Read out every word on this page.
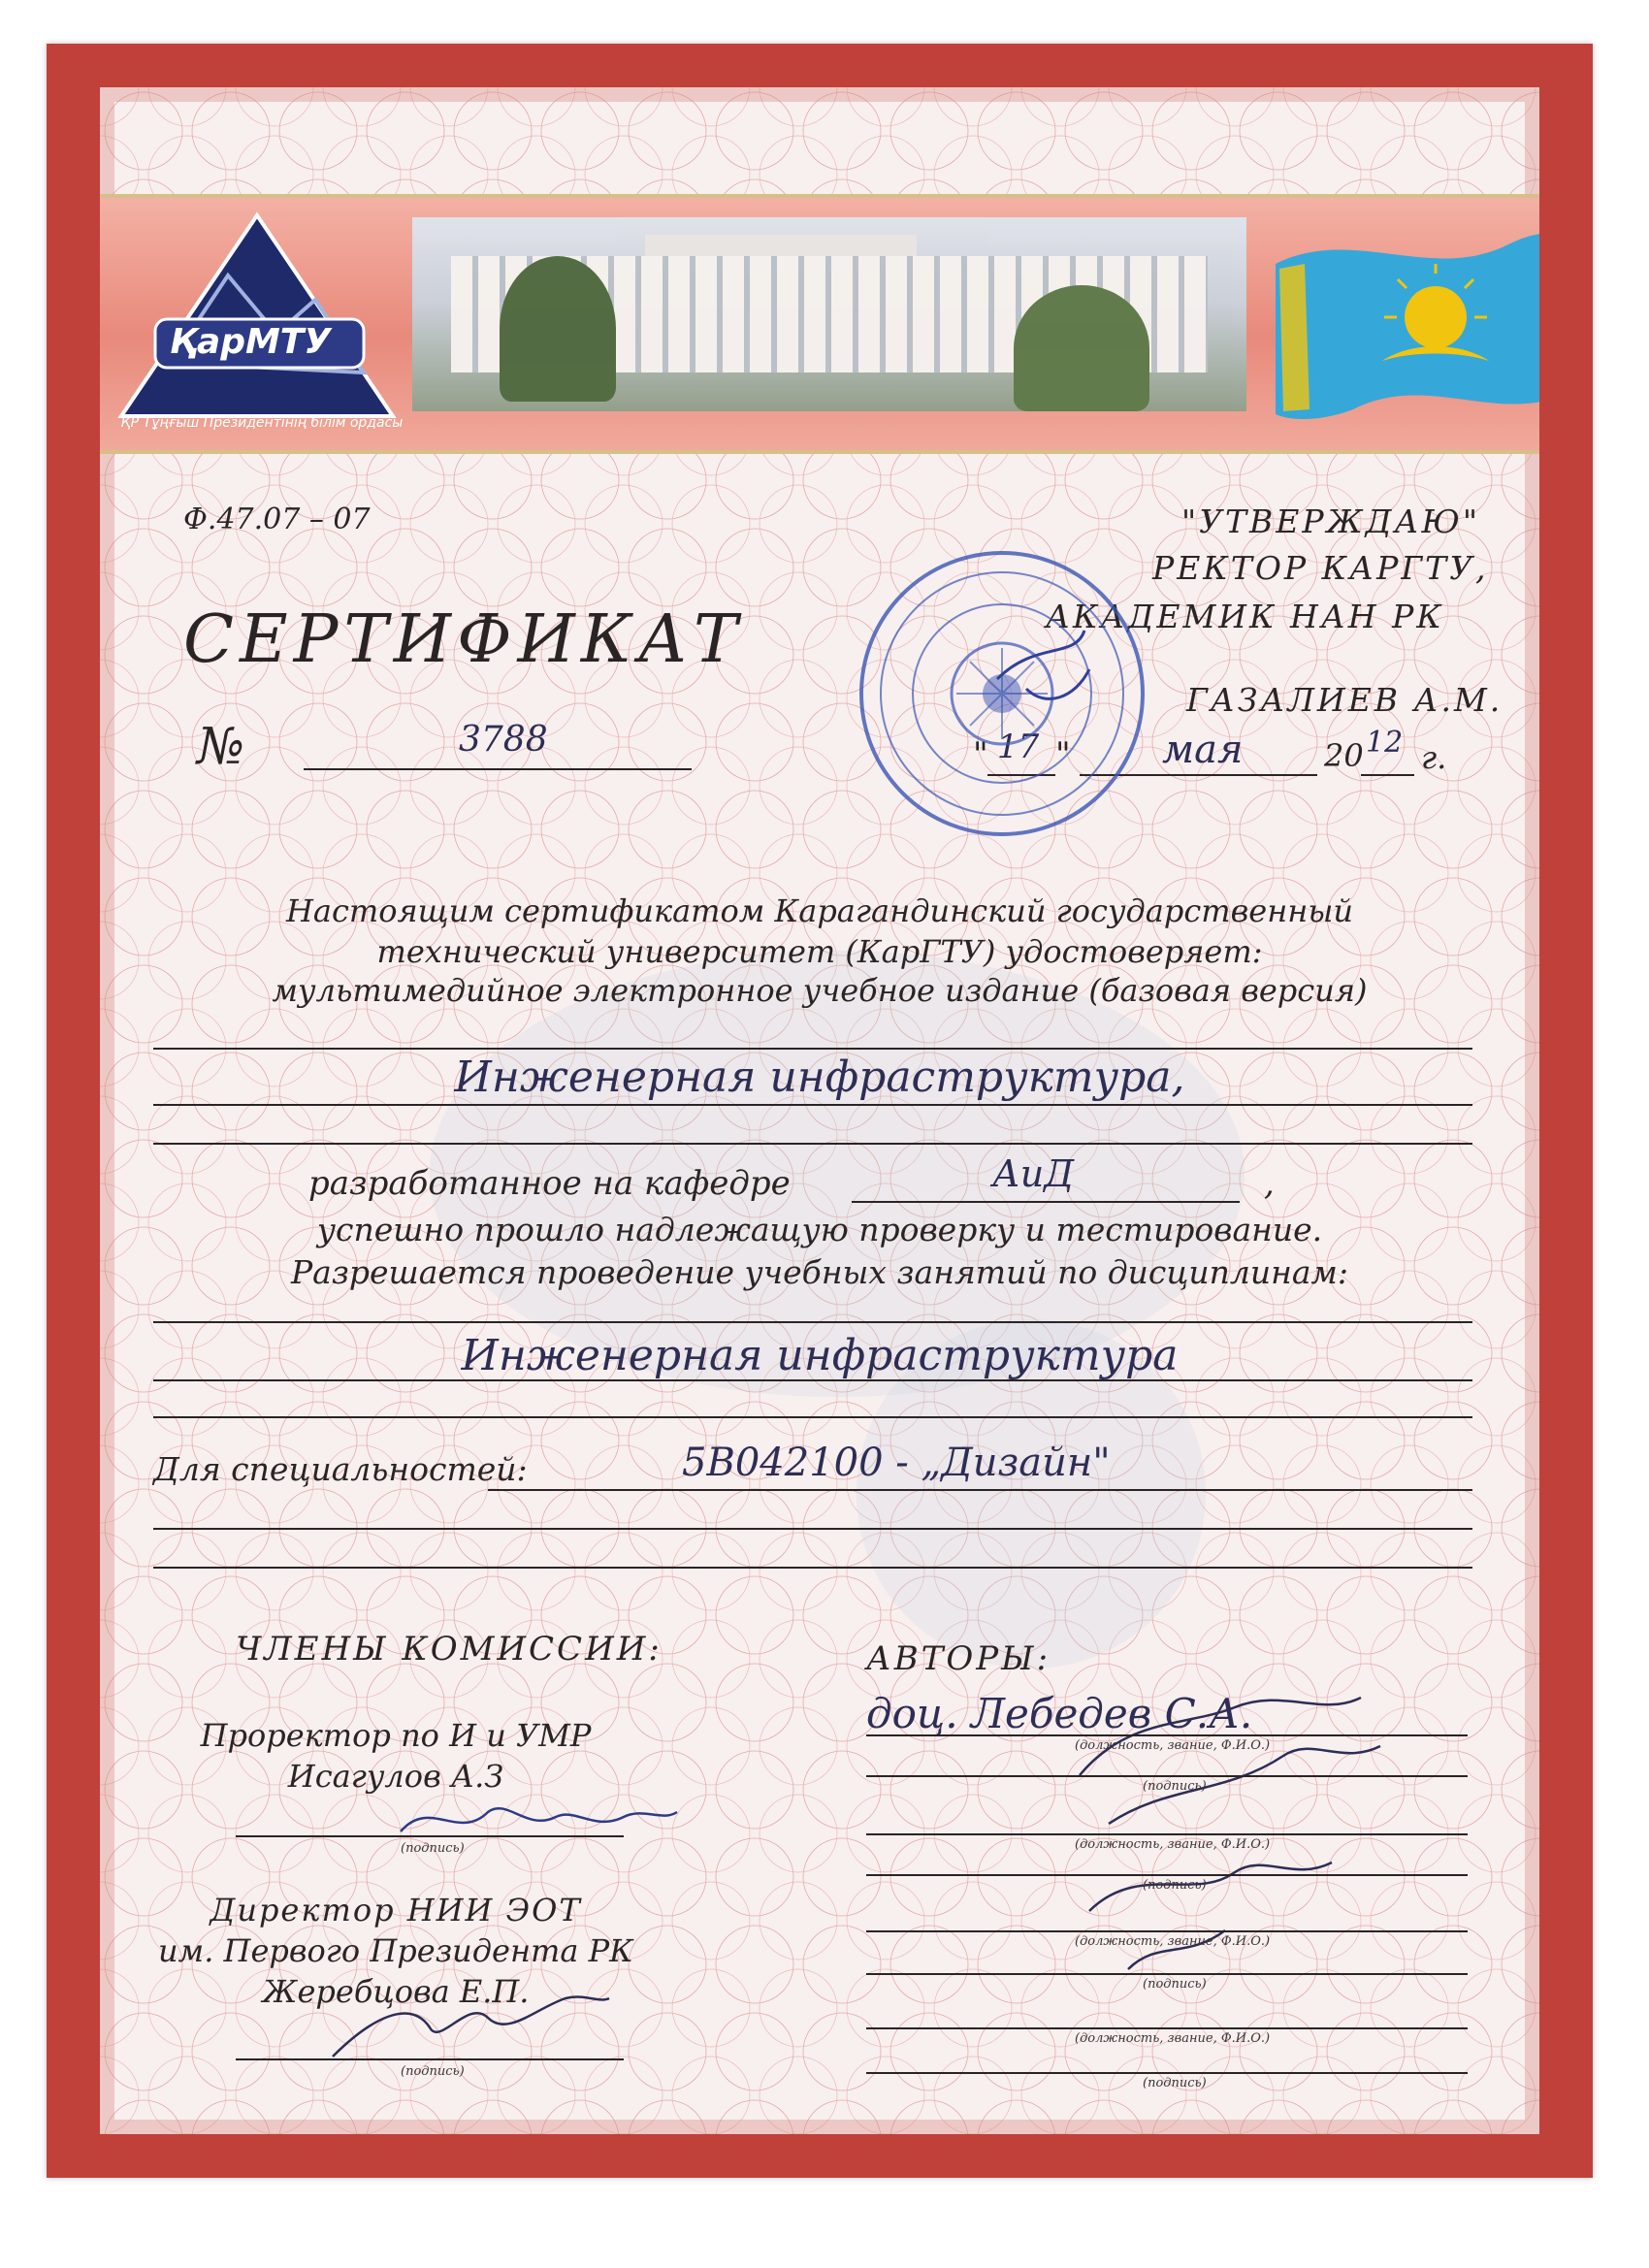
ҚарМТУ
ҚР Тұңғыш Президентінің білім ордасы
Ф.47.07 – 07	"УТВЕРЖДАЮ"
РЕКТОР КАРГТУ,
АКАДЕМИК НАН РК
ГАЗАЛИЕВ А.М.
" 17 " мая	20 12 г.
СЕРТИФИКАТ
№	3788
Настоящим сертификатом Карагандинский государственный
технический университет (КарГТУ) удостоверяет:
мультимедийное электронное учебное издание (базовая версия)
Инженерная инфраструктура,
разработанное на кафедре	АиД	,
успешно прошло надлежащую проверку и тестирование.
Разрешается проведение учебных занятий по дисциплинам:
Инженерная инфраструктура
Для специальностей:	5В042100 - „Дизайн"
ЧЛЕНЫ КОМИССИИ:
Проректор по И и УМР
Исагулов А.З
(подпись)
Директор НИИ ЭОТ
им. Первого Президента РК
Жеребцова Е.П.
(подпись)
АВТОРЫ:
доц. Лебедев С.А.
(должность, звание, Ф.И.О.)
(подпись)
(должность, звание, Ф.И.О.)
(подпись)
(должность, звание, Ф.И.О.)
(подпись)
(должность, звание, Ф.И.О.)
(подпись)
